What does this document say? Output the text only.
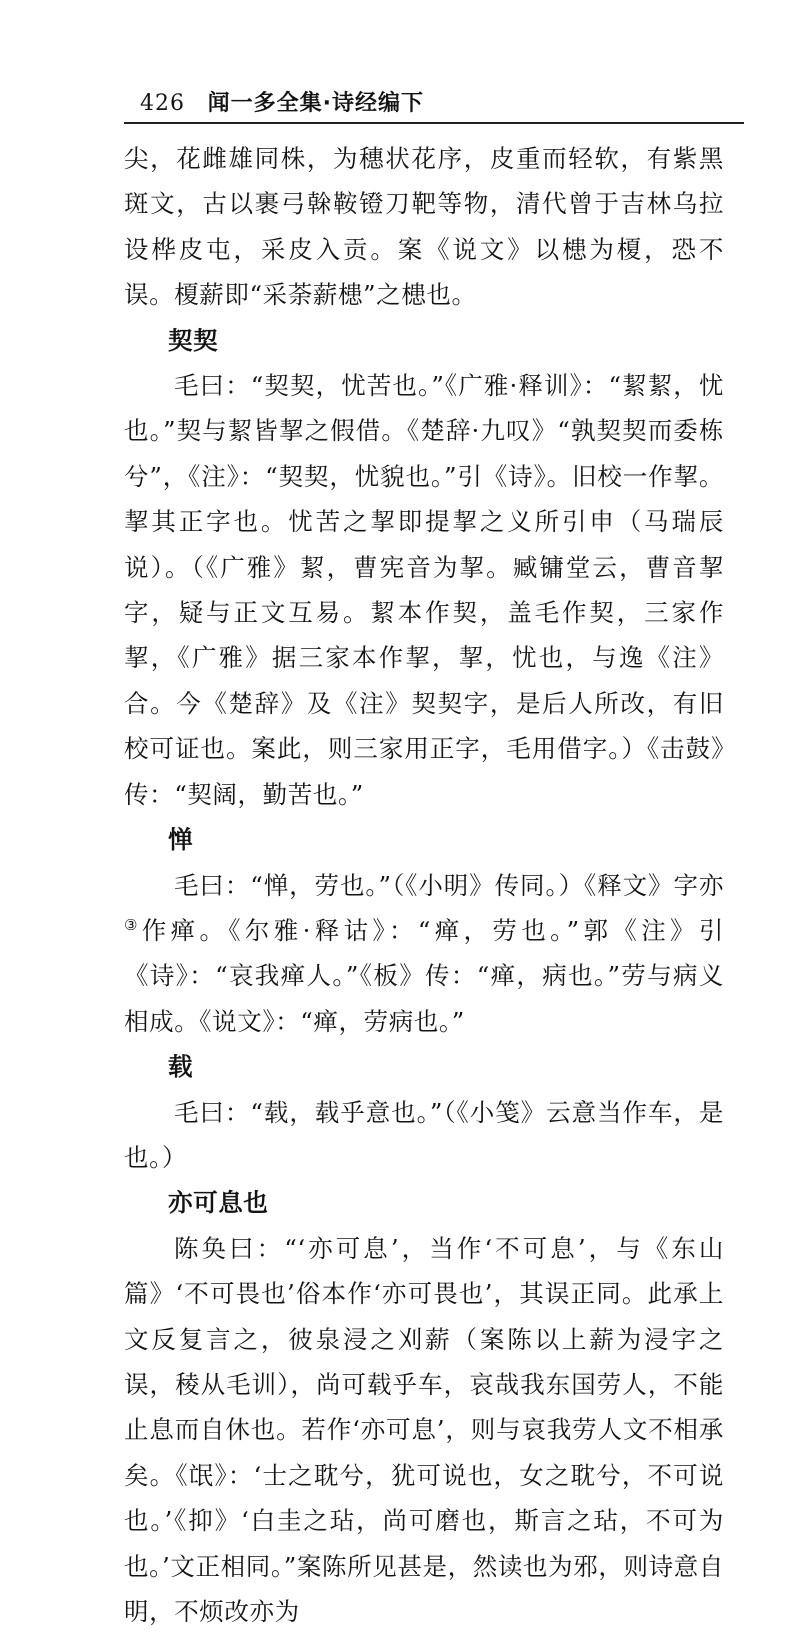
426 闻一多全集·诗经编下

尖，花雌雄同株，为穗状花序，皮重而轻软，有紫黑斑文，古以裹弓榦鞍镫刀靶等物，清代曾于吉林乌拉设桦皮屯，采皮入贡。案《说文》以槵为榎，恐不误。榎薪即“采荼薪槵”之槵也。

契契

毛曰：“契契，忧苦也。”《广雅·释训》：“絜絜，忧也。”契与絜皆挈之假借。《楚辞·九叹》“孰契契而委栋兮”，《注》：“契契，忧貌也。”引《诗》。旧校一作挈。挈其正字也。忧苦之挈即提挈之义所引申（马瑞辰说）。（《广雅》絜，曹宪音为挈。臧镛堂云，曹音挈字，疑与正文互易。絜本作契，盖毛作契，三家作挈，《广雅》据三家本作挈，挈，忧也，与逸《注》合。今《楚辞》及《注》契契字，是后人所改，有旧校可证也。案此，则三家用正字，毛用借字。）《击鼓》传：“契阔，勤苦也。”

惮

毛曰：“惮，劳也。”（《小明》传同。）《释文》字亦③作瘅。《尔雅·释诂》：“瘅，劳也。”郭《注》引《诗》：“哀我瘅人。”《板》传：“瘅，病也。”劳与病义相成。《说文》：“瘅，劳病也。”

载

毛曰：“载，载乎意也。”（《小笺》云意当作车，是也。）

亦可息也

陈奂曰：“‘亦可息’，当作‘不可息’，与《东山篇》‘不可畏也’俗本作‘亦可畏也’，其误正同。此承上文反复言之，彼泉浸之刈薪（案陈以上薪为浸字之误，稜从毛训），尚可载乎车，哀哉我东国劳人，不能止息而自休也。若作‘亦可息’，则与哀我劳人文不相承矣。《氓》：‘士之耽兮，犹可说也，女之耽兮，不可说也。’《抑》‘白圭之玷，尚可磨也，斯言之玷，不可为也。’文正相同。”案陈所见甚是，然读也为邪，则诗意自明，不烦改亦为
